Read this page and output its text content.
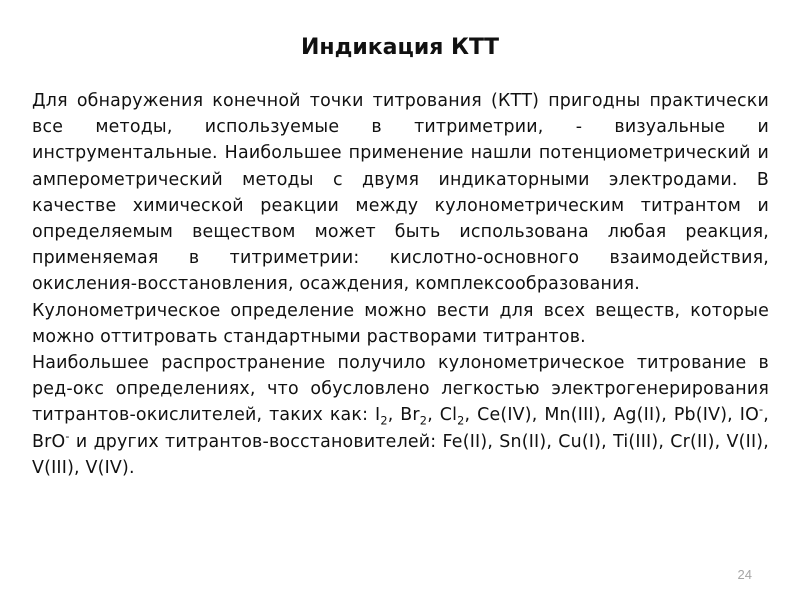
Индикация КТТ

Для обнаружения конечной точки титрования (КТТ) пригодны практически все методы, используемые в титриметрии, - визуальные и инструментальные. Наибольшее применение нашли потенциометрический и амперометрический методы с двумя индикаторными электродами. В качестве химической реакции между кулонометрическим титрантом и определяемым веществом может быть использована любая реакция, применяемая в титриметрии: кислотно-основного взаимодействия, окисления-восстановления, осаждения, комплексообразования.

Кулонометрическое определение можно вести для всех веществ, которые можно оттитровать стандартными растворами титрантов.

Наибольшее распространение получило кулонометрическое титрование в ред-окс определениях, что обусловлено легкостью электрогенерирования титрантов-окислителей, таких как: $I_2$, $Br_2$, $Cl_2$, Ce(IV), Mn(III), Ag(II), Pb(IV), IO-, BrO- и других титрантов-восстановителей: Fe(II), Sn(II), Cu(I), Ti(III), Cr(II), V(II), V(III), V(IV).

24
